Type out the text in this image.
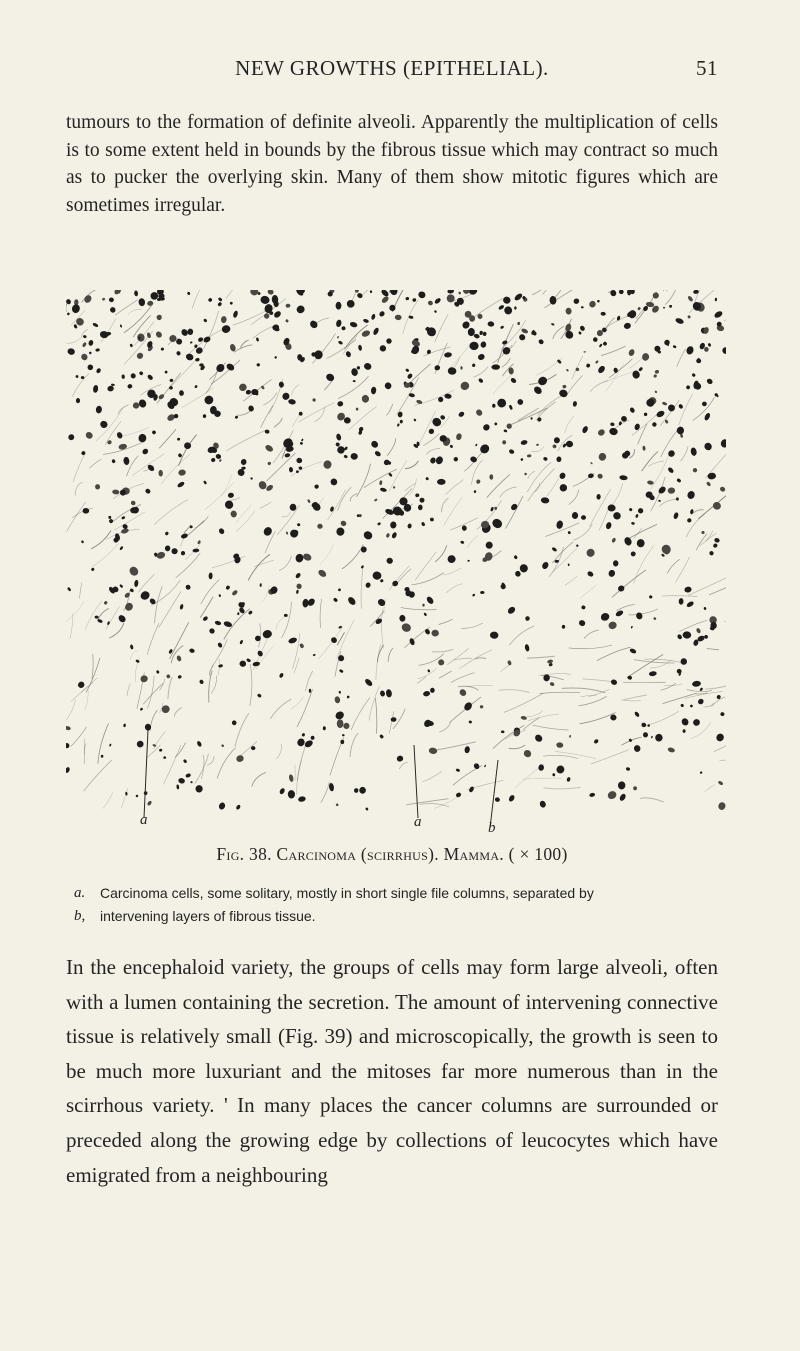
NEW GROWTHS (EPITHELIAL).	51
tumours to the formation of definite alveoli. Apparently the multiplication of cells is to some extent held in bounds by the fibrous tissue which may contract so much as to pucker the overlying skin. Many of them show mitotic figures which are sometimes irregular.
a	a	b
Fig. 38. Carcinoma (scirrhus). Mamma. ( × 100)
a.	Carcinoma cells, some solitary, mostly in short single file columns, separated by
b,	intervening layers of fibrous tissue.
In the encephaloid variety, the groups of cells may form large alveoli, often with a lumen containing the secretion. The amount of intervening connective tissue is relatively small (Fig. 39) and microscopically, the growth is seen to be much more luxuriant and the mitoses far more numerous than in the scirrhous variety. ' In many places the cancer columns are surrounded or preceded along the growing edge by collections of leucocytes which have emigrated from a neighbouring
